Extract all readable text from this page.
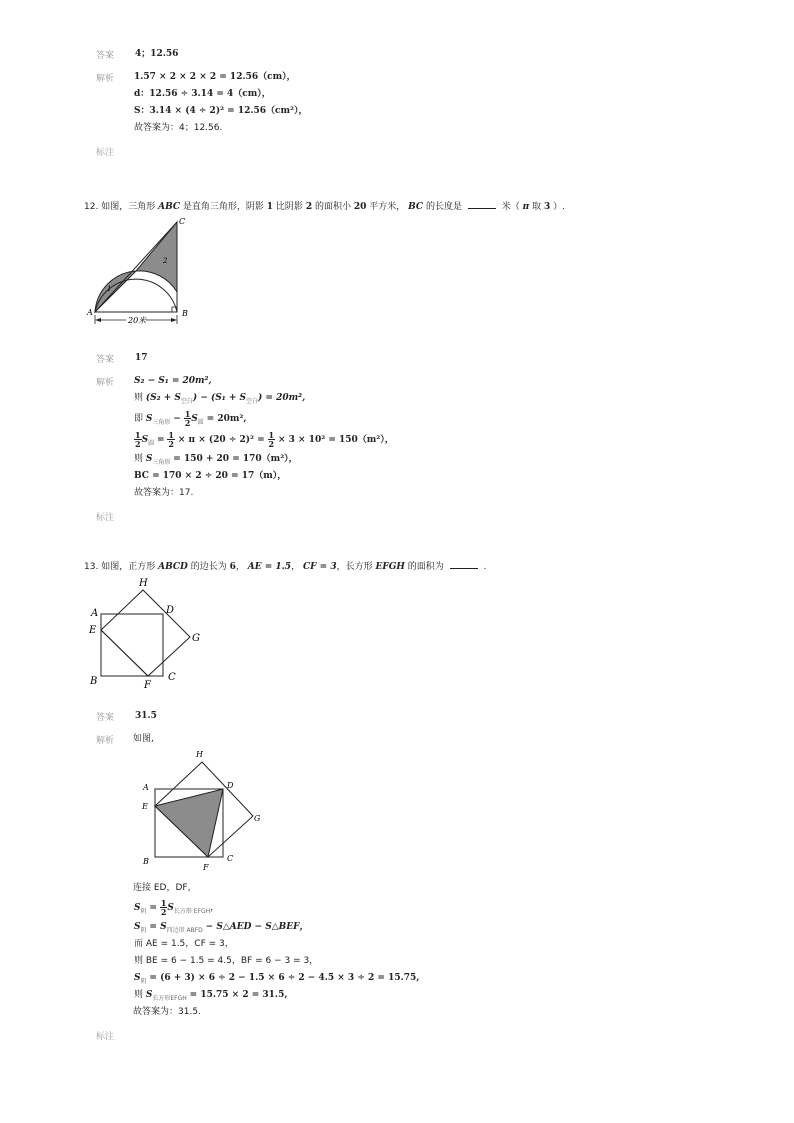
答案 4；12.56
解析 1.57 × 2 × 2 × 2 = 12.56（cm），
d：12.56 ÷ 3.14 = 4（cm），
S：3.14 × (4 ÷ 2)² = 12.56（cm²），
故答案为：4；12.56.
标注
12. 如图，三角形 ABC 是直角三角形，阴影 1 比阴影 2 的面积小 20 平方米， BC 的长度是	米（ π 取 3 ）.
20米
A	B
C
1
2
答案 17
解析 S₂ − S₁ = 20m²,
则 $(S_2 + S_{空白}) - (S_1 + S_{空白}) = 20m^2$,
即 $S_{三角形} - \frac{1}{2} S_圆 = 20m^2$,
$\frac{1}{2} S_圆 = \frac{1}{2} \times \pi \times (20 \div 2)^2 = \frac{1}{2} \times 3 \times 10^2 = 150(m^2)$，
则 $S_{三角形} = 150 + 20 = 170(m^2)$，
BC = 170 × 2 ÷ 20 = 17（m），
故答案为：17.
标注
13. 如图，正方形 ABCD 的边长为 6， AE = 1.5， CF = 3，长方形 EFGH 的面积为	.
A
E
B	F
C
D
G
H
答案 31.5
解析 如图,
A
E
B
F
C
D
G
H
连接 ED，DF，
$S_阴 = \frac{1}{2} S_{长方形 EFGH}$，
$S_阴 = S_{四边形 ABFD}$ − S△AED − S△BEF，
而 AE = 1.5，CF = 3，
则 BE = 6 − 1.5 = 4.5，BF = 6 − 3 = 3，
$S_阴 = (6 + 3) \times 6 \div 2 - 1.5 \times 6 \div 2 - 4.5 \times 3 \div 2 = 15.75$,
则 $S_{长方形EFGH} = 15.75 \times 2 = 31.5$,
故答案为：31.5.
标注
